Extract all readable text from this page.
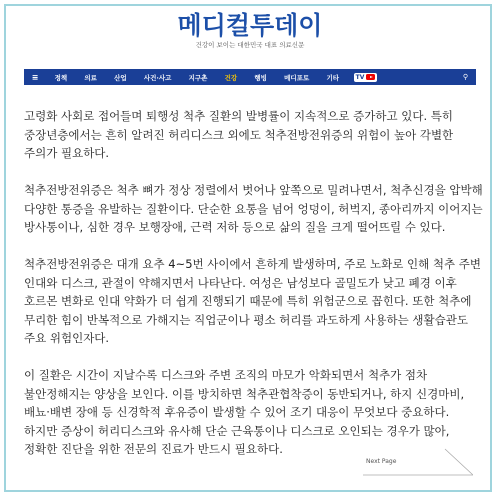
메디컬투데이
건강이 보이는 대한민국 대표 의료신문
≡	정책	의료	산업	사건·사고	지구촌	건강	행빙	메디포토	기타	TV	⚲

고령화 사회로 접어들며 퇴행성 척추 질환의 발병률이 지속적으로 증가하고 있다. 특히 중장년층에서는 흔히 알려진 허리디스크 외에도 척추전방전위증의 위험이 높아 각별한 주의가 필요하다.

척추전방전위증은 척추 뼈가 정상 정렬에서 벗어나 앞쪽으로 밀려나면서, 척추신경을 압박해 다양한 통증을 유발하는 질환이다. 단순한 요통을 넘어 엉덩이, 허벅지, 종아리까지 이어지는 방사통이나, 심한 경우 보행장애, 근력 저하 등으로 삶의 질을 크게 떨어뜨릴 수 있다.

척추전방전위증은 대개 요추 4~5번 사이에서 흔하게 발생하며, 주로 노화로 인해 척추 주변 인대와 디스크, 관절이 약해지면서 나타난다. 여성은 남성보다 골밀도가 낮고 폐경 이후 호르몬 변화로 인대 약화가 더 쉽게 진행되기 때문에 특히 위험군으로 꼽힌다. 또한 척추에 무리한 힘이 반복적으로 가해지는 직업군이나 평소 허리를 과도하게 사용하는 생활습관도 주요 위험인자다.

이 질환은 시간이 지날수록 디스크와 주변 조직의 마모가 악화되면서 척추가 점차 불안정해지는 양상을 보인다. 이를 방치하면 척추관협착증이 동반되거나, 하지 신경마비, 배뇨·배변 장애 등 신경학적 후유증이 발생할 수 있어 조기 대응이 무엇보다 중요하다. 하지만 증상이 허리디스크와 유사해 단순 근육통이나 디스크로 오인되는 경우가 많아, 정확한 진단을 위한 전문의 진료가 반드시 필요하다.

Next Page
